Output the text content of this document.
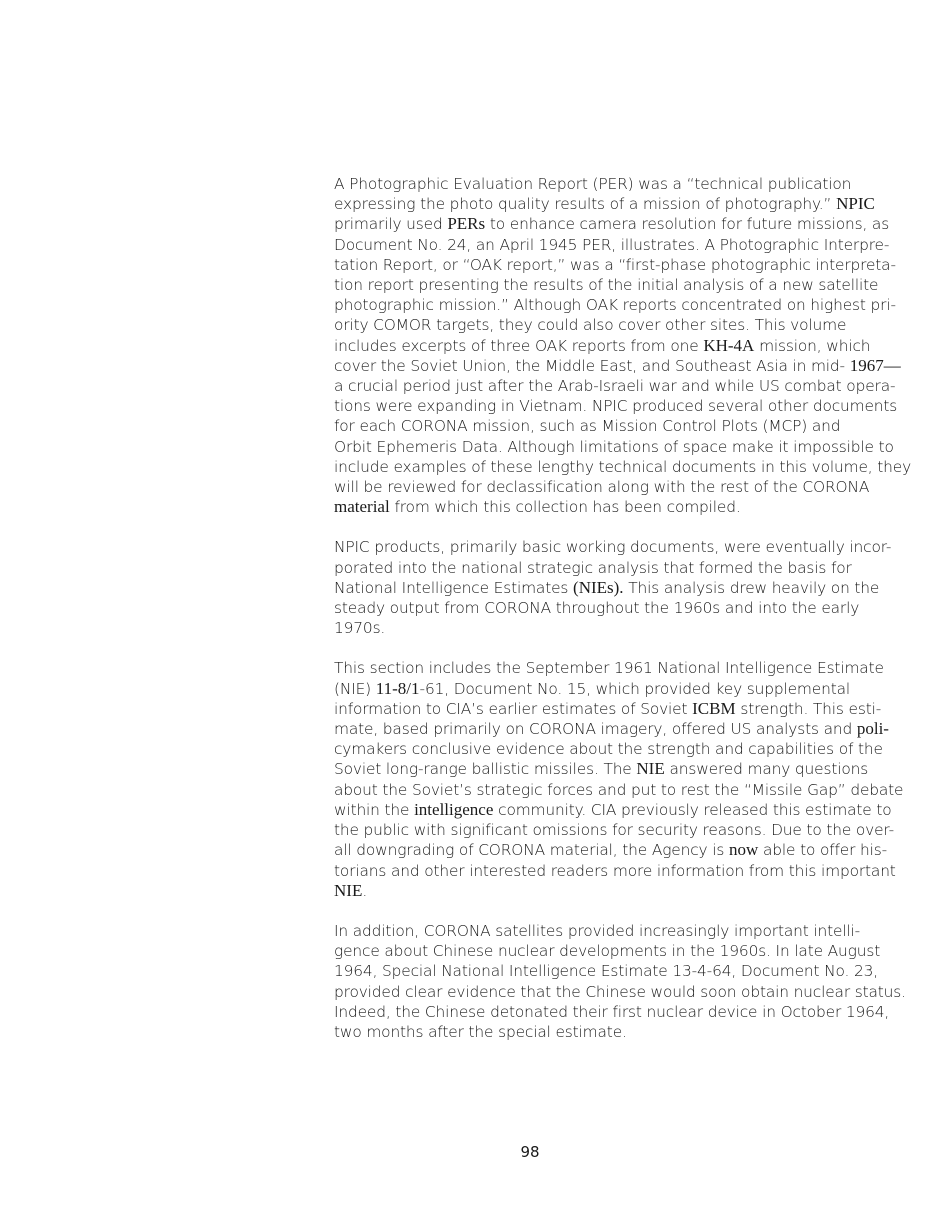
A Photographic Evaluation Report (PER) was a “technical publication
expressing the photo quality results of a mission of photography.” NPIC
primarily used PERs to enhance camera resolution for future missions, as
Document No. 24, an April 1945 PER, illustrates. A Photographic Interpre-
tation Report, or “OAK report,” was a “first-phase photographic interpreta-
tion report presenting the results of the initial analysis of a new satellite
photographic mission.” Although OAK reports concentrated on highest pri-
ority COMOR targets, they could also cover other sites. This volume
includes excerpts of three OAK reports from one KH-4A mission, which
cover the Soviet Union, the Middle East, and Southeast Asia in mid- 1967—
a crucial period just after the Arab-Israeli war and while US combat opera-
tions were expanding in Vietnam. NPIC produced several other documents
for each CORONA mission, such as Mission Control Plots (MCP) and
Orbit Ephemeris Data. Although limitations of space make it impossible to
include examples of these lengthy technical documents in this volume, they
will be reviewed for declassification along with the rest of the CORONA
material from which this collection has been compiled.

NPIC products, primarily basic working documents, were eventually incor-
porated into the national strategic analysis that formed the basis for
National Intelligence Estimates (NIEs). This analysis drew heavily on the
steady output from CORONA throughout the 1960s and into the early
1970s.

This section includes the September 1961 National Intelligence Estimate
(NIE) 11-8/1-61, Document No. 15, which provided key supplemental
information to CIA’s earlier estimates of Soviet ICBM strength. This esti-
mate, based primarily on CORONA imagery, offered US analysts and poli-
cymakers conclusive evidence about the strength and capabilities of the
Soviet long-range ballistic missiles. The NIE answered many questions
about the Soviet’s strategic forces and put to rest the “Missile Gap” debate
within the intelligence community. CIA previously released this estimate to
the public with significant omissions for security reasons. Due to the over-
all downgrading of CORONA material, the Agency is now able to offer his-
torians and other interested readers more information from this important
NIE.

In addition, CORONA satellites provided increasingly important intelli-
gence about Chinese nuclear developments in the 1960s. In late August
1964, Special National Intelligence Estimate 13-4-64, Document No. 23,
provided clear evidence that the Chinese would soon obtain nuclear status.
Indeed, the Chinese detonated their first nuclear device in October 1964,
two months after the special estimate.

98
